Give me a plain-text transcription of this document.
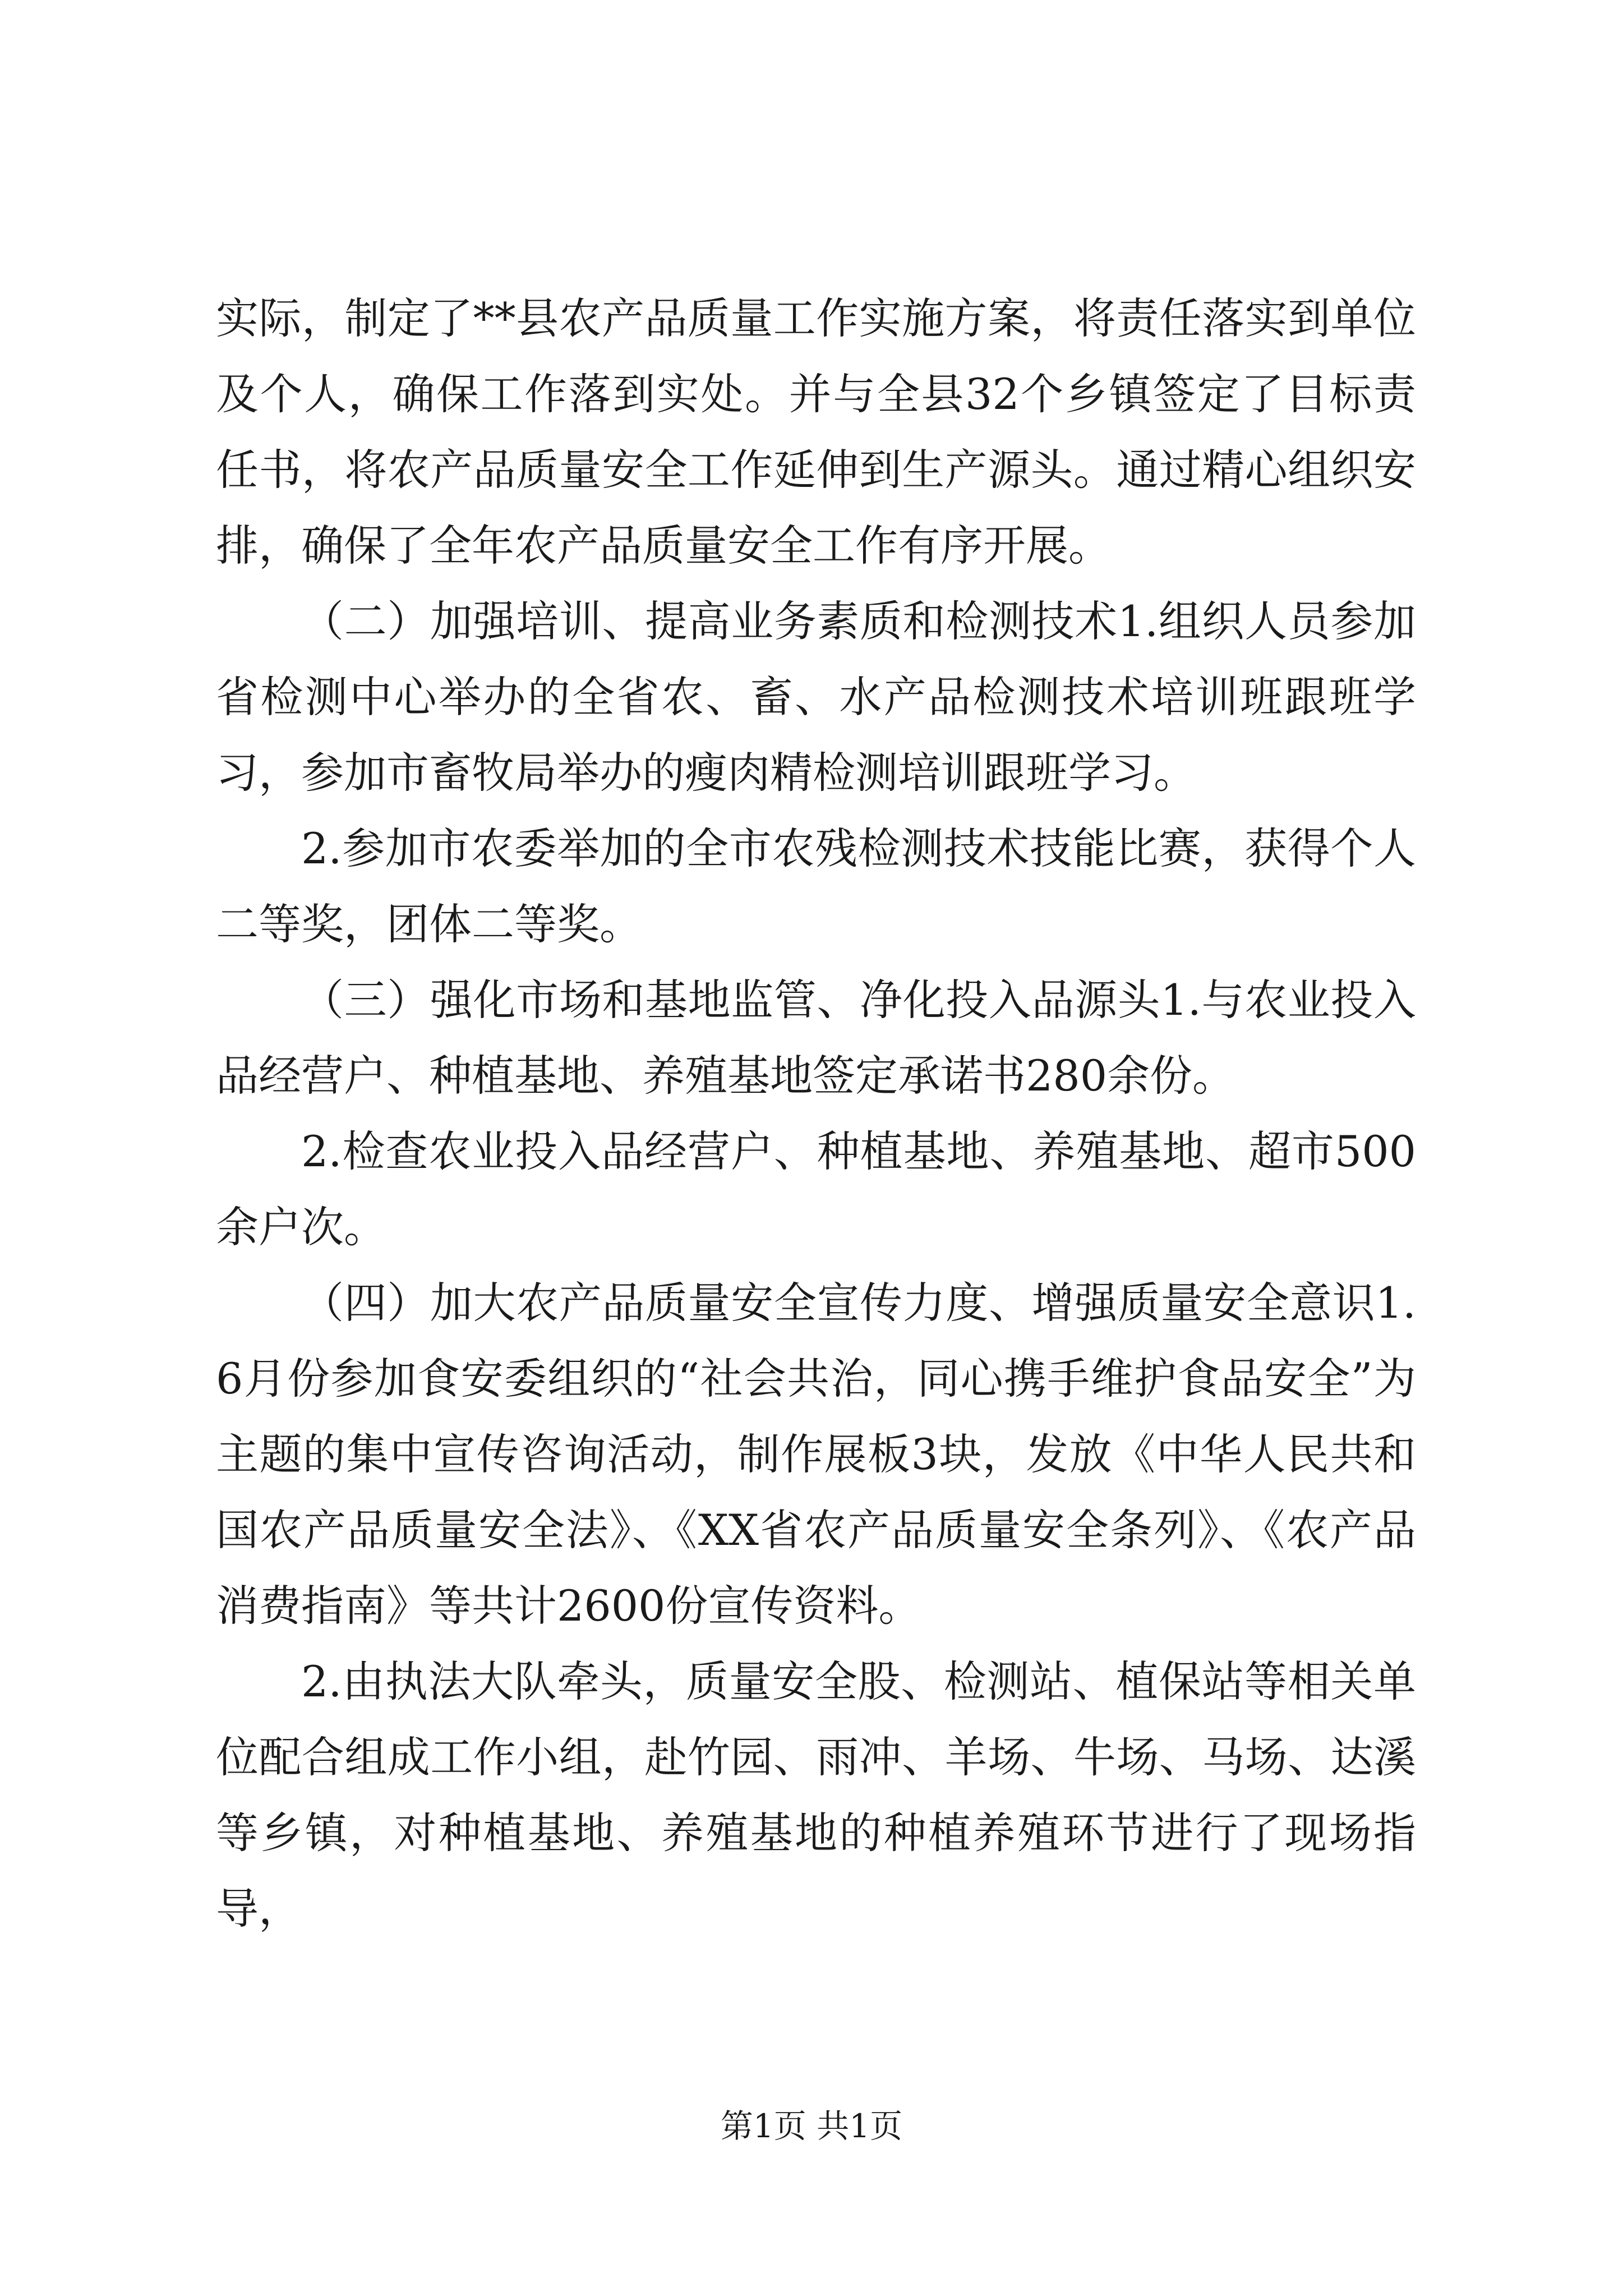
实际，制定了**县农产品质量工作实施方案，将责任落实到单位及个人，确保工作落到实处。并与全县32个乡镇签定了目标责任书，将农产品质量安全工作延伸到生产源头。通过精心组织安排，确保了全年农产品质量安全工作有序开展。

（二）加强培训、提高业务素质和检测技术1.组织人员参加省检测中心举办的全省农、畜、水产品检测技术培训班跟班学习，参加市畜牧局举办的瘦肉精检测培训跟班学习。

2.参加市农委举加的全市农残检测技术技能比赛，获得个人二等奖，团体二等奖。

（三）强化市场和基地监管、净化投入品源头1.与农业投入品经营户、种植基地、养殖基地签定承诺书280余份。

2.检查农业投入品经营户、种植基地、养殖基地、超市500余户次。

（四）加大农产品质量安全宣传力度、增强质量安全意识1.6月份参加食安委组织的“社会共治，同心携手维护食品安全”为主题的集中宣传咨询活动，制作展板3块，发放《中华人民共和国农产品质量安全法》、《XX省农产品质量安全条列》、《农产品消费指南》等共计2600份宣传资料。

2.由执法大队牵头，质量安全股、检测站、植保站等相关单位配合组成工作小组，赴竹园、雨冲、羊场、牛场、马场、达溪等乡镇，对种植基地、养殖基地的种植养殖环节进行了现场指导，

第1页 共1页
